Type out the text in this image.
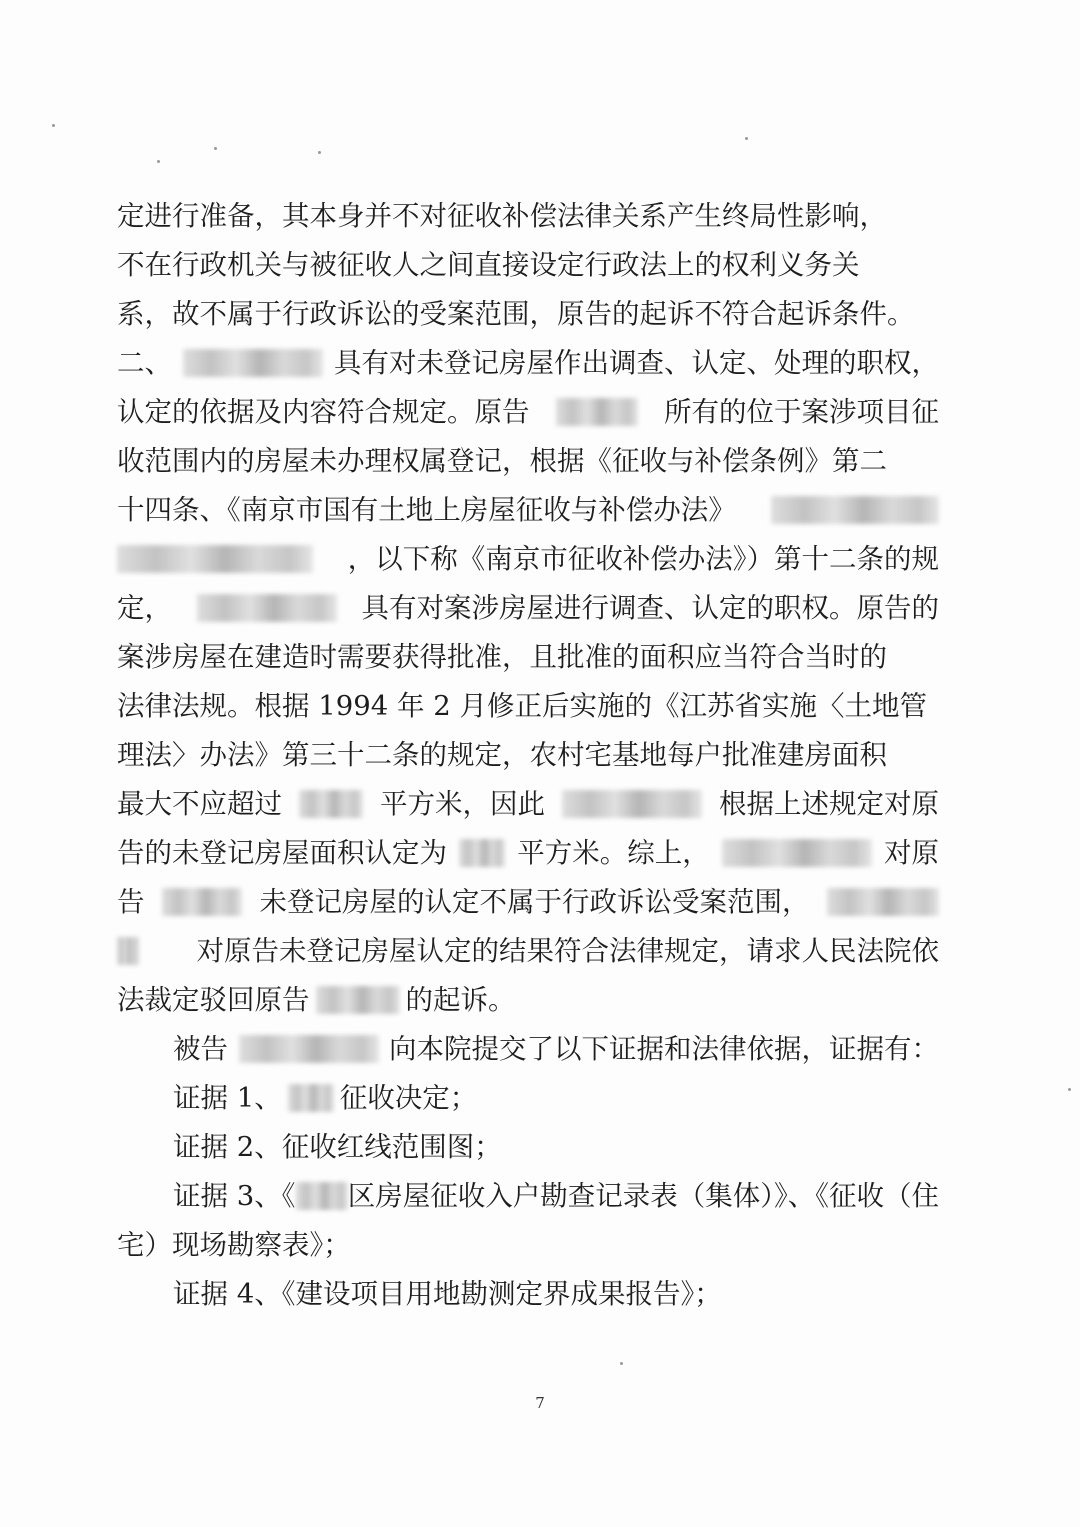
定进行准备，其本身并不对征收补偿法律关系产生终局性影响，
不在行政机关与被征收人之间直接设定行政法上的权利义务关
系，故不属于行政诉讼的受案范围，原告的起诉不符合起诉条件。
二、	具有对未登记房屋作出调查、认定、处理的职权，
认定的依据及内容符合规定。原告	所有的位于案涉项目征
收范围内的房屋未办理权属登记，根据《征收与补偿条例》第二
十四条、《南京市国有土地上房屋征收与补偿办法》
，以下称《南京市征收补偿办法》）第十二条的规
定，	具有对案涉房屋进行调查、认定的职权。原告的
案涉房屋在建造时需要获得批准，且批准的面积应当符合当时的
法律法规。根据 1994 年 2 月修正后实施的《江苏省实施〈土地管
理法〉办法》第三十二条的规定，农村宅基地每户批准建房面积
最大不应超过	平方米，因此	根据上述规定对原
告的未登记房屋面积认定为	平方米。综上，	对原
告	未登记房屋的认定不属于行政诉讼受案范围，
对原告未登记房屋认定的结果符合法律规定，请求人民法院依
法裁定驳回原告	的起诉。
被告	向本院提交了以下证据和法律依据，证据有：
证据 1、 征收决定；
证据 2、征收红线范围图；
证据 3、《 区房屋征收入户勘查记录表（集体）》、《征收（住
宅）现场勘察表》；
证据 4、《建设项目用地勘测定界成果报告》；
7
